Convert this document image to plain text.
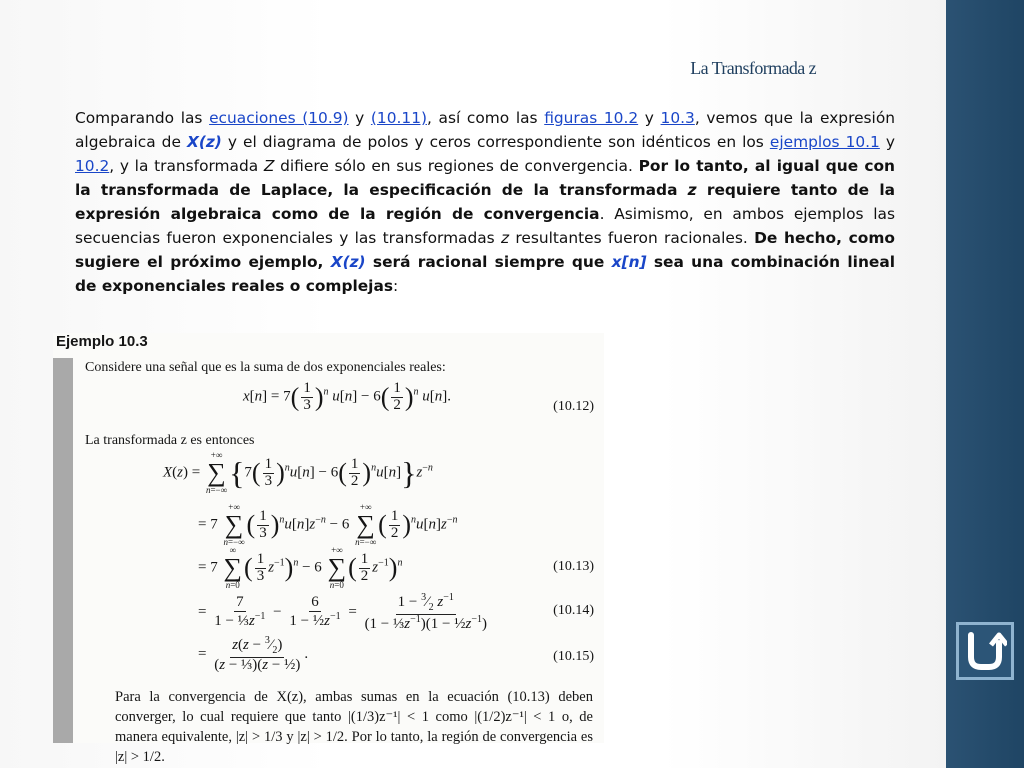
La Transformada z
Comparando las ecuaciones (10.9) y (10.11), así como las figuras 10.2 y 10.3, vemos que la expresión algebraica de X(z) y el diagrama de polos y ceros correspondiente son idénticos en los ejemplos 10.1 y 10.2, y la transformada Z difiere sólo en sus regiones de convergencia. Por lo tanto, al igual que con la transformada de Laplace, la especificación de la transformada z requiere tanto de la expresión algebraica como de la región de convergencia. Asimismo, en ambos ejemplos las secuencias fueron exponenciales y las transformadas z resultantes fueron racionales. De hecho, como sugiere el próximo ejemplo, X(z) será racional siempre que x[n] sea una combinación lineal de exponenciales reales o complejas:
Ejemplo 10.3
Considere una señal que es la suma de dos exponenciales reales:
$x[n] = 7( \frac{1}{3} )^n$ $u[n] - 6( \frac{1}{2} )^n$ u[n].
(10.12)
La transformada z es entonces
X(z) =
+∞
∑
n=−∞ $\{7( \frac{1}{3} )^nu[n] - 6( \frac{1}{2} )^nu[n]\}z^{-n}$
= 7
+∞
∑
n=−∞
( $\frac{1}{3} )^nu[n]z^{-n} - 6$
+∞
∑
n=−∞
( $\frac{1}{2} )^nu[n]z^{-n}$
= 7
∞
∑
n=0
( $\frac{1}{3} z^{-1})^n - 6$
+∞
∑
n=0
( $\frac{1}{2} z^{-1})^n$	(10.13)
= $\frac{7}{1 - \frac{1}{3}z^{-1}} - \frac{6}{1 - \frac{1}{2}z^{-1}} = \frac{1 - ^3⁄_2 z^{-1}}{(1 - \frac{1}{3}z^{-1})(1 - \frac{1}{2}z^{-1})}$	(10.14)
= $\frac{z(z - ^3⁄_2)}{\text{(z − ⅓)(z − ½)}}$ .	(10.15)
Para la convergencia de X(z), ambas sumas en la ecuación (10.13) deben converger, lo cual requiere que tanto |(1/3)z⁻¹| < 1 como |(1/2)z⁻¹| < 1 o, de manera equivalente, |z| > 1/3 y |z| > 1/2. Por lo tanto, la región de convergencia es |z| > 1/2.
